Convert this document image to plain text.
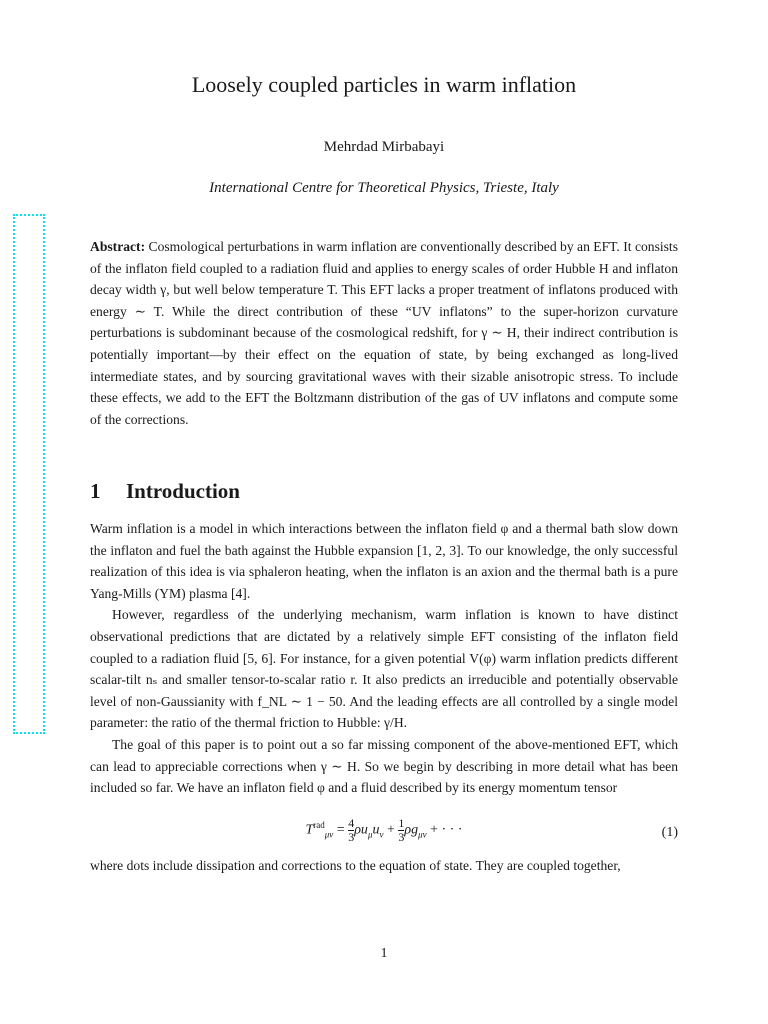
Loosely coupled particles in warm inflation
Mehrdad Mirbabayi
International Centre for Theoretical Physics, Trieste, Italy

Abstract: Cosmological perturbations in warm inflation are conventionally described by an EFT. It consists of the inflaton field coupled to a radiation fluid and applies to energy scales of order Hubble H and inflaton decay width γ, but well below temperature T. This EFT lacks a proper treatment of inflatons produced with energy ∼ T. While the direct contribution of these “UV inflatons” to the super-horizon curvature perturbations is subdominant because of the cosmological redshift, for γ ∼ H, their indirect contribution is potentially important—by their effect on the equation of state, by being exchanged as long-lived intermediate states, and by sourcing gravitational waves with their sizable anisotropic stress. To include these effects, we add to the EFT the Boltzmann distribution of the gas of UV inflatons and compute some of the corrections.

1 Introduction

Warm inflation is a model in which interactions between the inflaton field φ and a thermal bath slow down the inflaton and fuel the bath against the Hubble expansion [1, 2, 3]. To our knowledge, the only successful realization of this idea is via sphaleron heating, when the inflaton is an axion and the thermal bath is a pure Yang-Mills (YM) plasma [4].

However, regardless of the underlying mechanism, warm inflation is known to have distinct observational predictions that are dictated by a relatively simple EFT consisting of the inflaton field coupled to a radiation fluid [5, 6]. For instance, for a given potential V(φ) warm inflation predicts different scalar-tilt nₛ and smaller tensor-to-scalar ratio r. It also predicts an irreducible and potentially observable level of non-Gaussianity with f_NL ∼ 1 − 50. And the leading effects are all controlled by a single model parameter: the ratio of the thermal friction to Hubble: γ/H.

The goal of this paper is to point out a so far missing component of the above-mentioned EFT, which can lead to appreciable corrections when γ ∼ H. So we begin by describing in more detail what has been included so far. We have an inflaton field φ and a fluid described by its energy momentum tensor

$T^{rad}_{\mu\nu} = \frac{4}{3} \rho u_\mu u_\nu + \frac{1}{3} \rho g_{\mu\nu}$ + · · ·	(1)

where dots include dissipation and corrections to the equation of state. They are coupled together,

1
